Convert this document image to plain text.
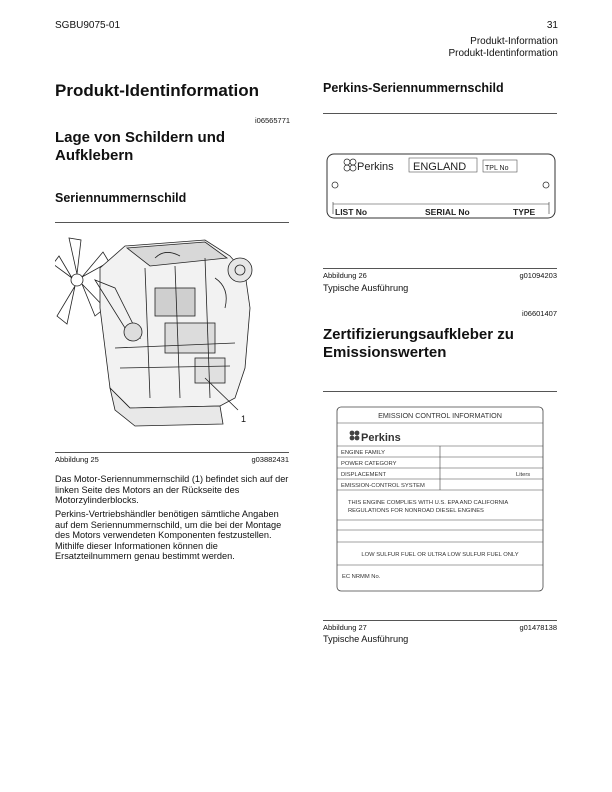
SGBU9075-01	31
Produkt-Information
Produkt-Identinformation
Produkt-Identinformation
i06565771
Lage von Schildern und Aufklebern
Seriennummernschild
1
Abbildung 25	g03882431
Das Motor-Seriennummernschild (1) befindet sich auf der linken Seite des Motors an der Rückseite des Motorzylinderblocks.
Perkins-Vertriebshändler benötigen sämtliche Angaben auf dem Seriennummernschild, um die bei der Montage des Motors verwendeten Komponenten festzustellen. Mithilfe dieser Informationen können die Ersatzteilnummern genau bestimmt werden.
Perkins-Seriennummernschild
Perkins ENGLAND	TPL No
LIST No	SERIAL No	TYPE
Abbildung 26	g01094203
Typische Ausführung
i06601407
Zertifizierungsaufkleber zu Emissionswerten
EMISSION CONTROL INFORMATION
Perkins
ENGINE FAMILY
POWER CATEGORY
DISPLACEMENT
EMISSION-CONTROL SYSTEM
Liters
THIS ENGINE COMPLIES WITH U.S. EPA AND CALIFORNIA
REGULATIONS FOR NONROAD DIESEL ENGINES
LOW SULFUR FUEL OR ULTRA LOW SULFUR FUEL ONLY
EC NRMM No.
Abbildung 27	g01478138
Typische Ausführung
